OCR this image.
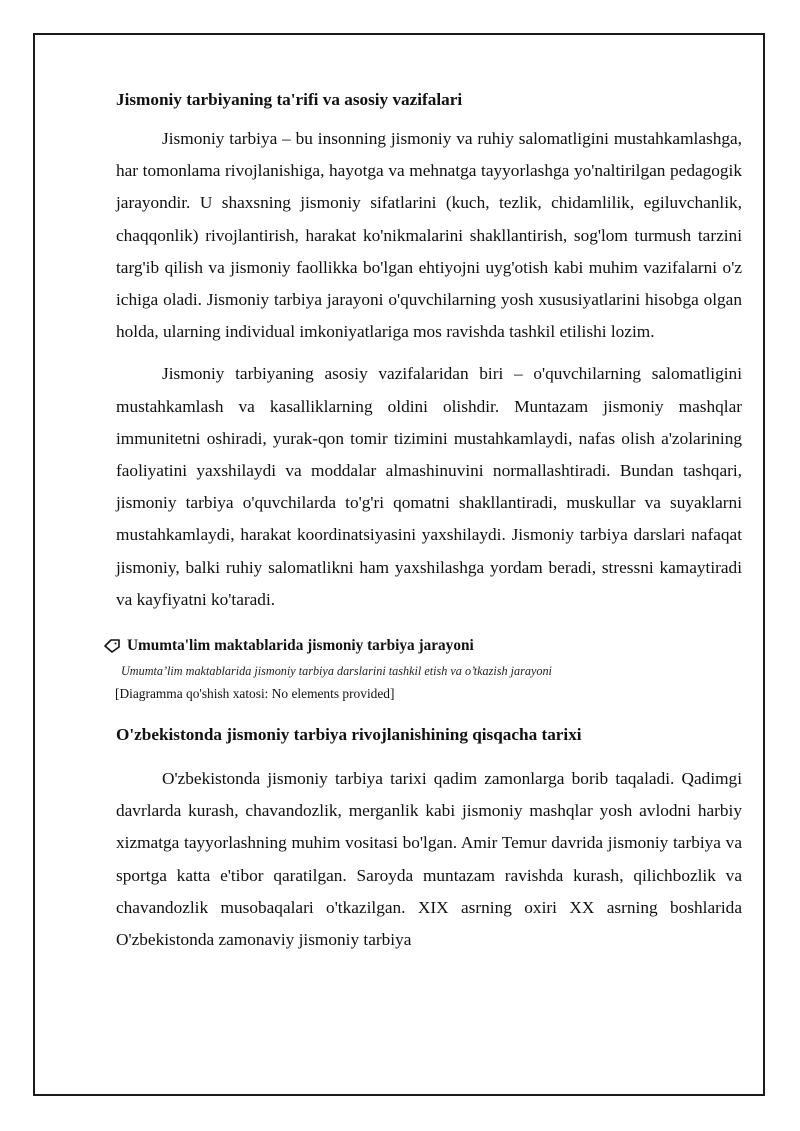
Jismoniy tarbiyaning ta'rifi va asosiy vazifalari

Jismoniy tarbiya – bu insonning jismoniy va ruhiy salomatligini mustahkamlashga, har tomonlama rivojlanishiga, hayotga va mehnatga tayyorlashga yo'naltirilgan pedagogik jarayondir. U shaxsning jismoniy sifatlarini (kuch, tezlik, chidamlilik, egiluvchanlik, chaqqonlik) rivojlantirish, harakat ko'nikmalarini shakllantirish, sog'lom turmush tarzini targ'ib qilish va jismoniy faollikka bo'lgan ehtiyojni uyg'otish kabi muhim vazifalarni o'z ichiga oladi. Jismoniy tarbiya jarayoni o'quvchilarning yosh xususiyatlarini hisobga olgan holda, ularning individual imkoniyatlariga mos ravishda tashkil etilishi lozim.

Jismoniy tarbiyaning asosiy vazifalaridan biri – o'quvchilarning salomatligini mustahkamlash va kasalliklarning oldini olishdir. Muntazam jismoniy mashqlar immunitetni oshiradi, yurak-qon tomir tizimini mustahkamlaydi, nafas olish a'zolarining faoliyatini yaxshilaydi va moddalar almashinuvini normallashtiradi. Bundan tashqari, jismoniy tarbiya o'quvchilarda to'g'ri qomatni shakllantiradi, muskullar va suyaklarni mustahkamlaydi, harakat koordinatsiyasini yaxshilaydi. Jismoniy tarbiya darslari nafaqat jismoniy, balki ruhiy salomatlikni ham yaxshilashga yordam beradi, stressni kamaytiradi va kayfiyatni ko'taradi.

Umumta'lim maktablarida jismoniy tarbiya jarayoni
Umumta’lim maktablarida jismoniy tarbiya darslarini tashkil etish va o’tkazish jarayoni
[Diagramma qo'shish xatosi: No elements provided]
O'zbekistonda jismoniy tarbiya rivojlanishining qisqacha tarixi

O'zbekistonda jismoniy tarbiya tarixi qadim zamonlarga borib taqaladi. Qadimgi davrlarda kurash, chavandozlik, merganlik kabi jismoniy mashqlar yosh avlodni harbiy xizmatga tayyorlashning muhim vositasi bo'lgan. Amir Temur davrida jismoniy tarbiya va sportga katta e'tibor qaratilgan. Saroyda muntazam ravishda kurash, qilichbozlik va chavandozlik musobaqalari o'tkazilgan. XIX asrning oxiri XX asrning boshlarida O'zbekistonda zamonaviy jismoniy tarbiya
